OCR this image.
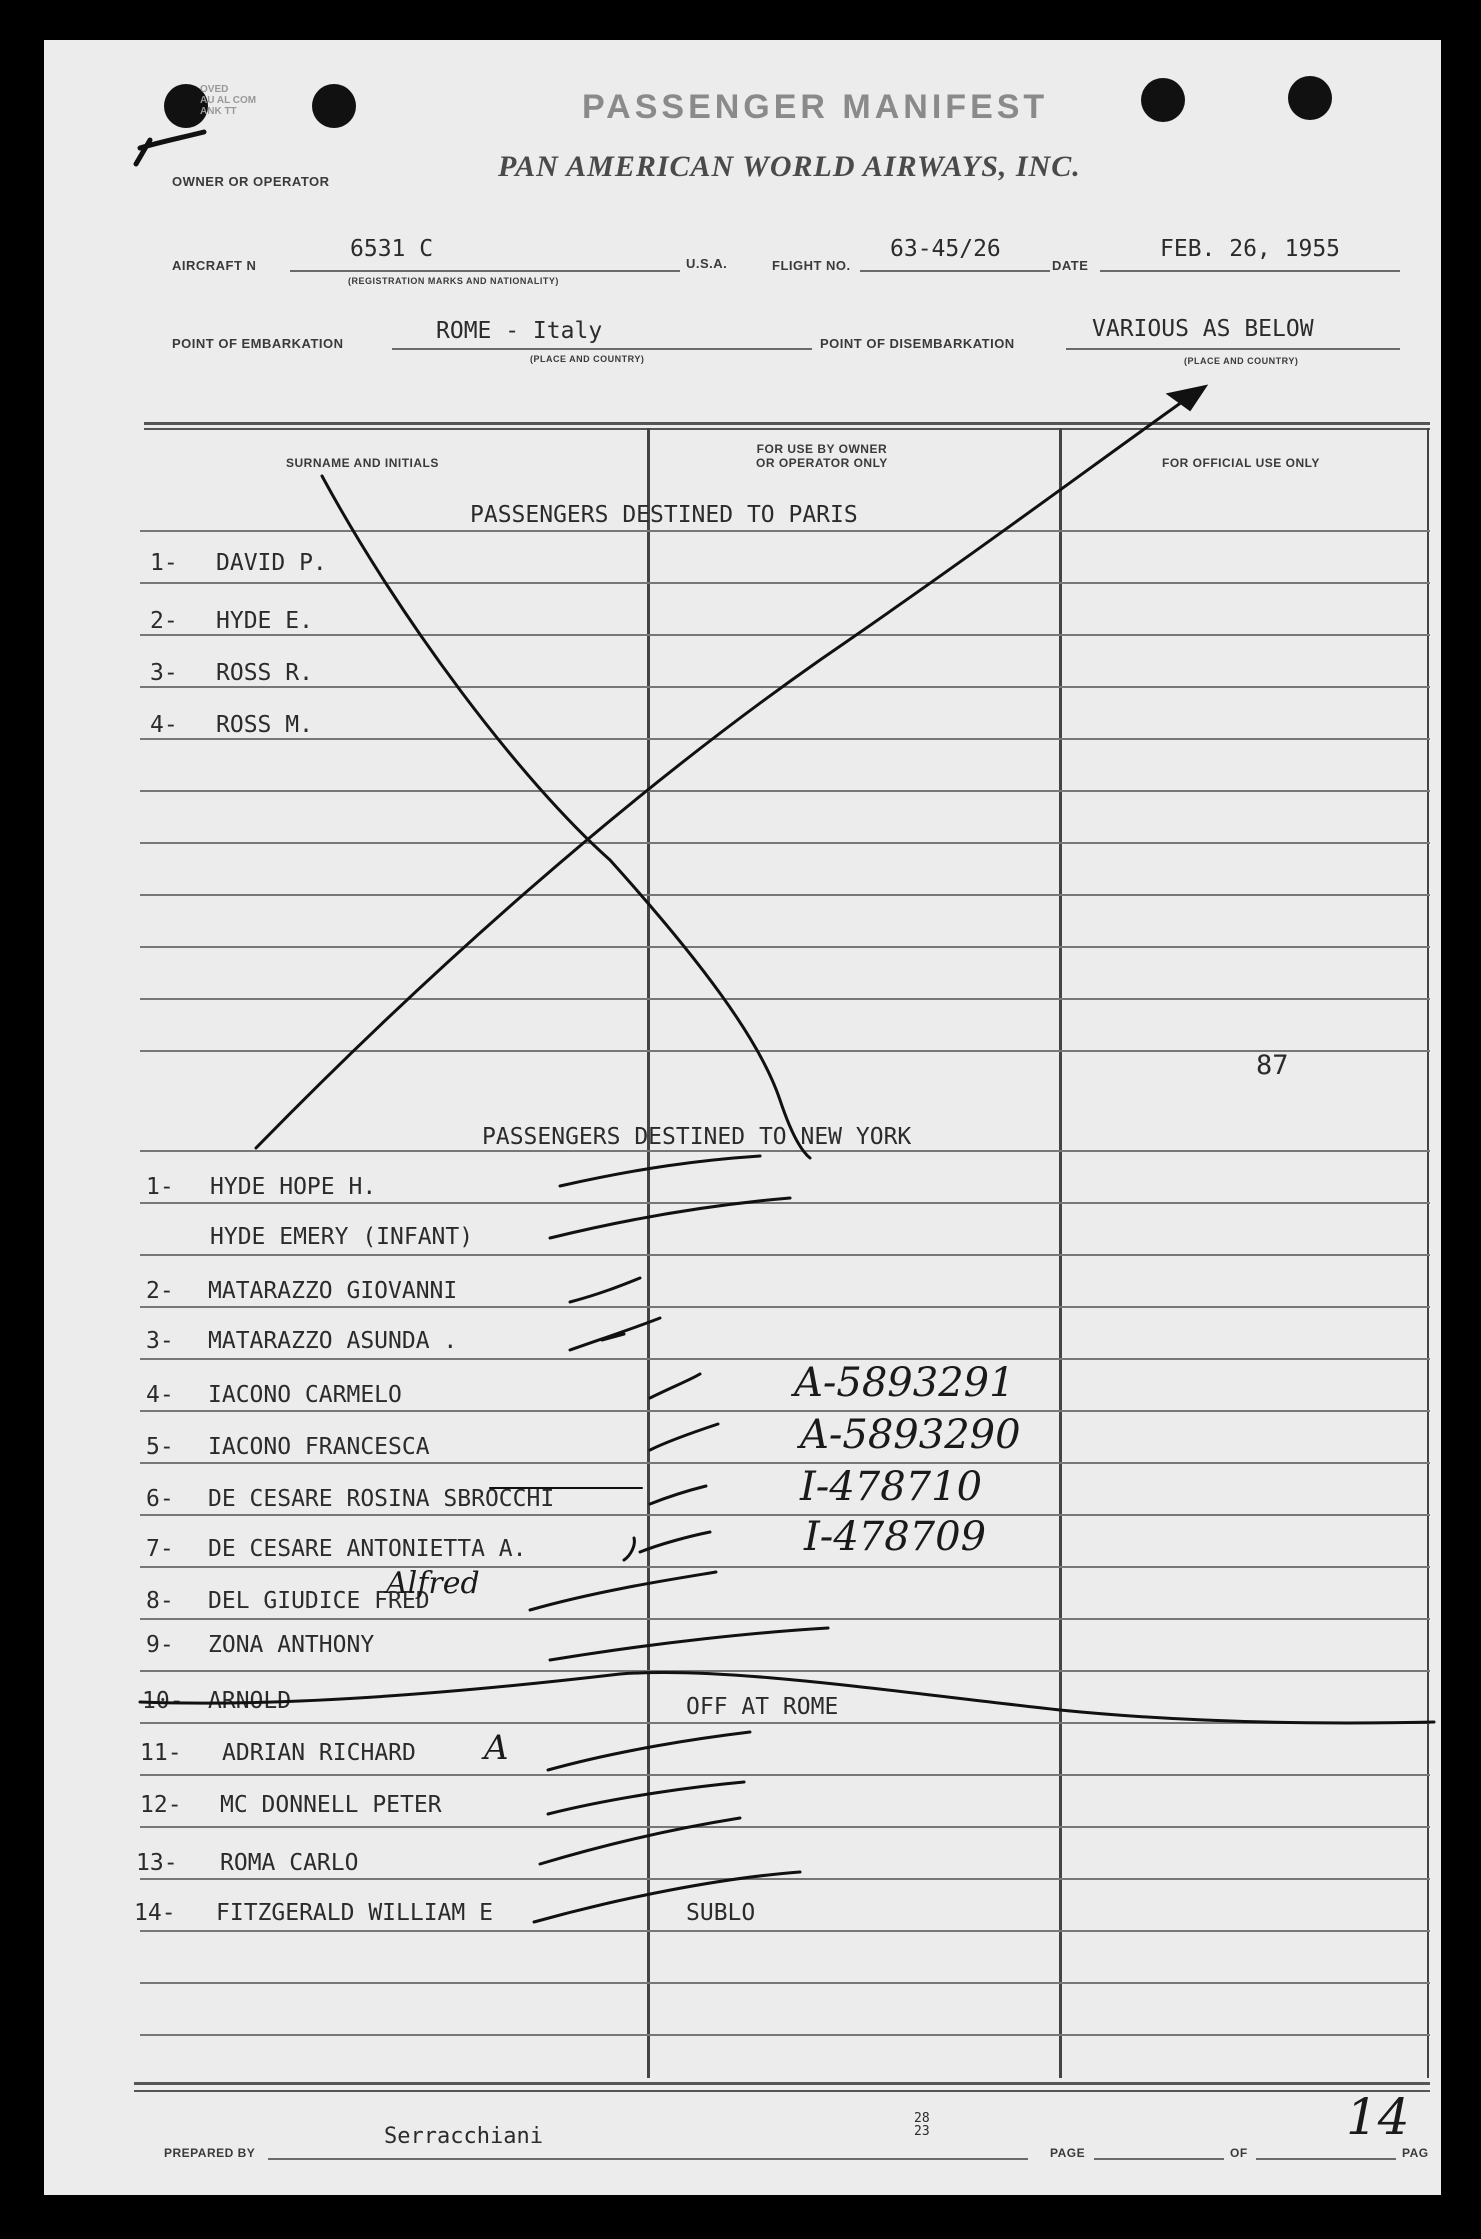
OVED
AU AL COM
ANK TT	PASSENGER MANIFEST
PAN AMERICAN WORLD AIRWAYS, INC.
OWNER OR OPERATOR
AIRCRAFT N
6531 C
(REGISTRATION MARKS AND NATIONALITY)
U.S.A.	FLIGHT NO.
63-45/26
DATE
FEB. 26, 1955
POINT OF EMBARKATION	ROME - Italy
(PLACE AND COUNTRY)
POINT OF DISEMBARKATION
VARIOUS AS BELOW
(PLACE AND COUNTRY)
SURNAME AND INITIALS
FOR USE BY OWNER
OR OPERATOR ONLY	FOR OFFICIAL USE ONLY
PASSENGERS DESTINED TO PARIS
1- DAVID P.
2- HYDE E.
3- ROSS R.
4- ROSS M.
87
PASSENGERS DESTINED TO NEW YORK
1- HYDE HOPE H.
HYDE EMERY (INFANT)
2- MATARAZZO GIOVANNI
3- MATARAZZO ASUNDA .
4- IACONO CARMELO	A-5893291
5- IACONO FRANCESCA	A-5893290
6- DE CESARE ROSINA SBROCCHI	I-478710
7- DE CESARE ANTONIETTA A.	I-478709
8- DEL GIUDICE FRED
Alfred
9- ZONA ANTHONY
10- ARNOLD	OFF AT ROME
11- ADRIAN RICHARD A
12- MC DONNELL PETER
13- ROMA CARLO
14- FITZGERALD WILLIAM E	SUBLO
PREPARED BY
Serracchiani
28
23
PAGE	OF	PAG
14
